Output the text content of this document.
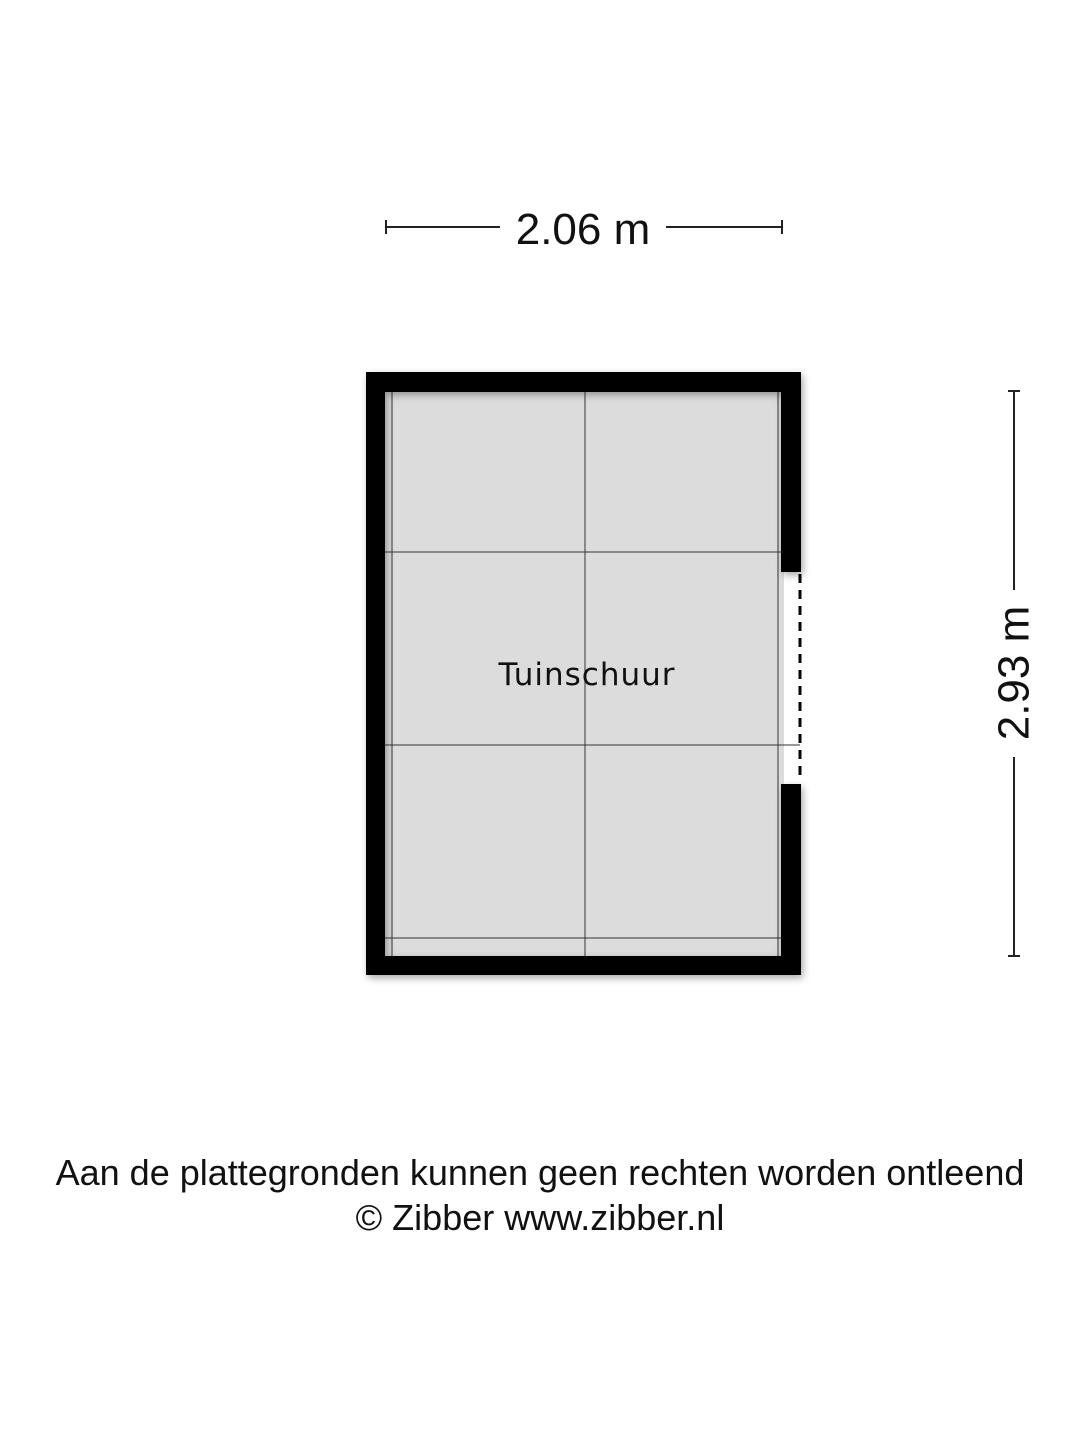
2.06 m
2.93 m
Tuinschuur
Aan de plattegronden kunnen geen rechten worden ontleend
© Zibber www.zibber.nl
